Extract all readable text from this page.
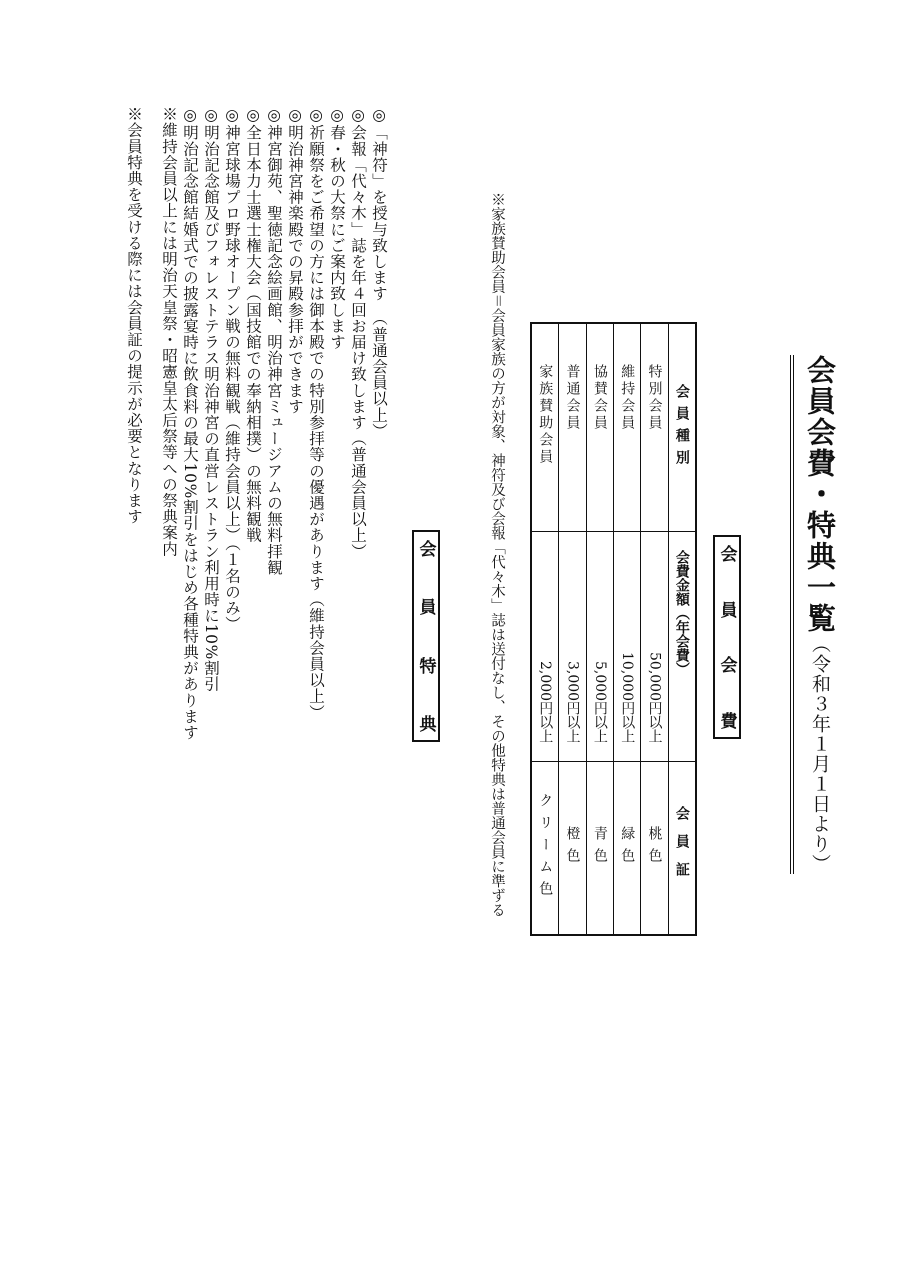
会員会費・特典一覧（令和３年１月１日より）
会
員
会
費
会員種別
会費金額（年会費）
会員証
特別会員
50,000円以上
桃色
維持会員
10,000円以上
緑色
協賛会員
5,000円以上
青色
普通会員
3,000円以上
橙色
家族賛助会員
2,000円以上
クリーム色
※家族賛助会員＝会員家族の方が対象、神符及び会報「代々木」誌は送付なし、その他特典は普通会員に準ずる
会
員
特
典
◎「神符」を授与致します　（普通会員以上）
◎会報「代々木」誌を年４回お届け致します（普通会員以上）
◎春・秋の大祭にご案内致します
◎祈願祭をご希望の方には御本殿での特別参拝等の優遇があります（維持会員以上）
◎明治神宮神楽殿での昇殿参拝ができます
◎神宮御苑、聖徳記念絵画館、明治神宮ミュージアムの無料拝観
◎全日本力士選士権大会（国技館での奉納相撲）の無料観戦
◎神宮球場プロ野球オープン戦の無料観戦（維持会員以上）（１名のみ）
◎明治記念館及びフォレストテラス明治神宮の直営レストラン利用時に10%割引
◎明治記念館結婚式での披露宴時に飲食料の最大10%割引をはじめ各種特典があります
※維持会員以上には明治天皇祭・昭憲皇太后祭等への祭典案内
※会員特典を受ける際には会員証の提示が必要となります
